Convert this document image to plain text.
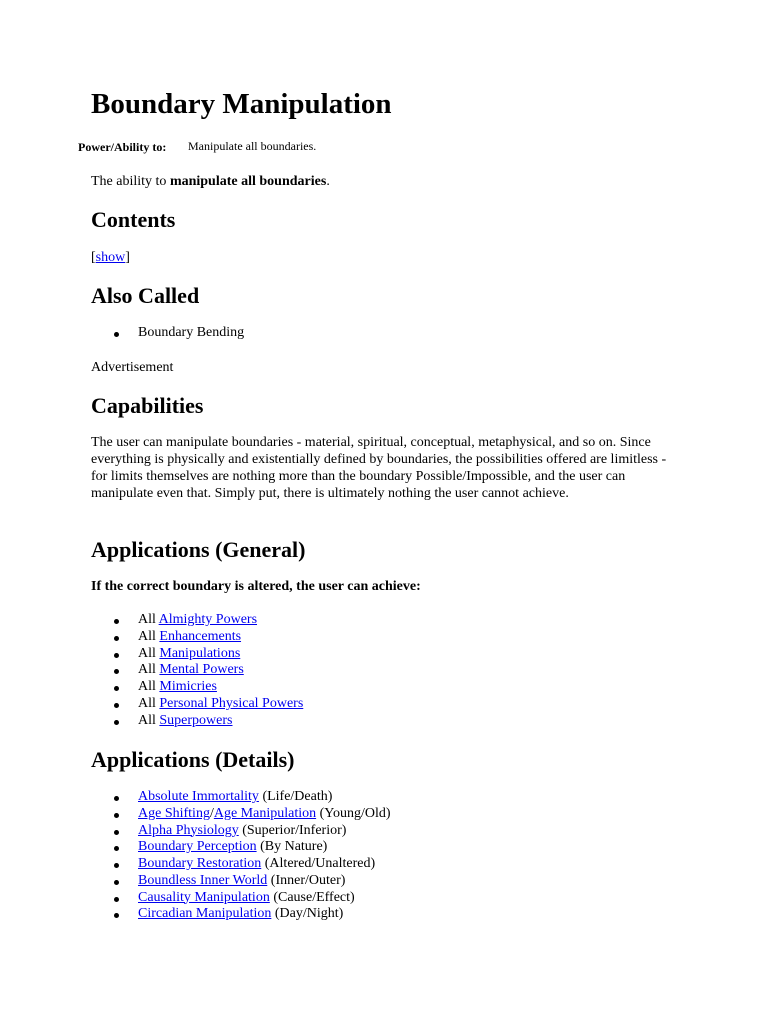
Boundary Manipulation
Power/Ability to: Manipulate all boundaries.
The ability to manipulate all boundaries.
Contents
[show]
Also Called
Boundary Bending
Advertisement
Capabilities
The user can manipulate boundaries - material, spiritual, conceptual, metaphysical, and so on. Since everything is physically and existentially defined by boundaries, the possibilities offered are limitless - for limits themselves are nothing more than the boundary Possible/Impossible, and the user can manipulate even that. Simply put, there is ultimately nothing the user cannot achieve.
Applications (General)
If the correct boundary is altered, the user can achieve:
All Almighty Powers
All Enhancements
All Manipulations
All Mental Powers
All Mimicries
All Personal Physical Powers
All Superpowers
Applications (Details)
Absolute Immortality (Life/Death)
Age Shifting/Age Manipulation (Young/Old)
Alpha Physiology (Superior/Inferior)
Boundary Perception (By Nature)
Boundary Restoration (Altered/Unaltered)
Boundless Inner World (Inner/Outer)
Causality Manipulation (Cause/Effect)
Circadian Manipulation (Day/Night)
